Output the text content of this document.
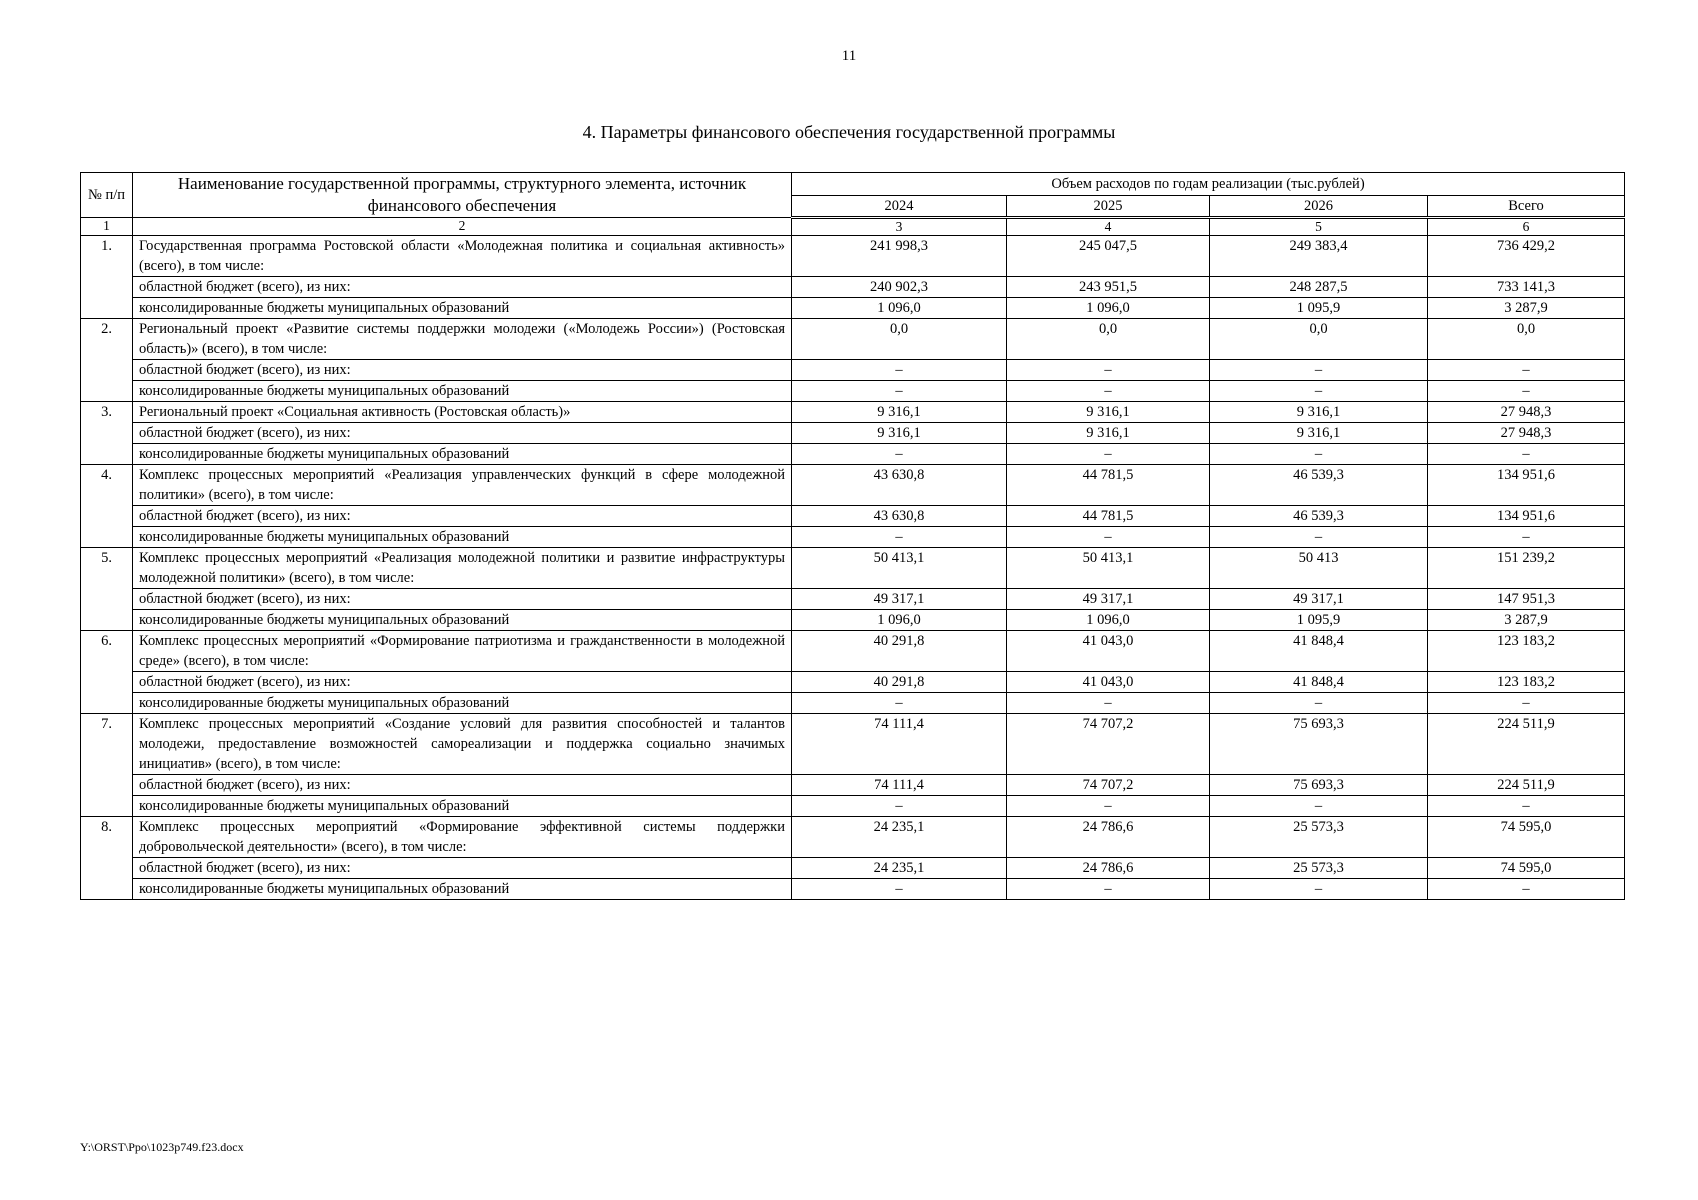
11
4. Параметры финансового обеспечения государственной программы
№ п/п	Наименование государственной программы, структурного элемента, источник финансового обеспечения	Объем расходов по годам реализации (тыс.рублей)			
		2024	2025	2026	Всего
1	2	3	4	5	6
1.	Государственная программа Ростовской области «Молодежная политика и социальная активность» (всего), в том числе:	241 998,3	245 047,5	249 383,4	736 429,2
	областной бюджет (всего), из них:	240 902,3	243 951,5	248 287,5	733 141,3
	консолидированные бюджеты муниципальных образований	1 096,0	1 096,0	1 095,9	3 287,9
2.	Региональный проект «Развитие системы поддержки молодежи («Молодежь России») (Ростовская область)» (всего), в том числе:	0,0	0,0	0,0	0,0
	областной бюджет (всего), из них:	–	–	–	–
	консолидированные бюджеты муниципальных образований	–	–	–	–
3.	Региональный проект «Социальная активность (Ростовская область)»	9 316,1	9 316,1	9 316,1	27 948,3
	областной бюджет (всего), из них:	9 316,1	9 316,1	9 316,1	27 948,3
	консолидированные бюджеты муниципальных образований	–	–	–	–
4.	Комплекс процессных мероприятий «Реализация управленческих функций в сфере молодежной политики» (всего), в том числе:	43 630,8	44 781,5	46 539,3	134 951,6
	областной бюджет (всего), из них:	43 630,8	44 781,5	46 539,3	134 951,6
	консолидированные бюджеты муниципальных образований	–	–	–	–
5.	Комплекс процессных мероприятий «Реализация молодежной политики и развитие инфраструктуры молодежной политики» (всего), в том числе:	50 413,1	50 413,1	50 413	151 239,2
	областной бюджет (всего), из них:	49 317,1	49 317,1	49 317,1	147 951,3
	консолидированные бюджеты муниципальных образований	1 096,0	1 096,0	1 095,9	3 287,9
6.	Комплекс процессных мероприятий «Формирование патриотизма и гражданственности в молодежной среде» (всего), в том числе:	40 291,8	41 043,0	41 848,4	123 183,2
	областной бюджет (всего), из них:	40 291,8	41 043,0	41 848,4	123 183,2
	консолидированные бюджеты муниципальных образований	–	–	–	–
7.	Комплекс процессных мероприятий «Создание условий для развития способностей и талантов молодежи, предоставление возможностей самореализации и поддержка социально значимых инициатив» (всего), в том числе:	74 111,4	74 707,2	75 693,3	224 511,9
	областной бюджет (всего), из них:	74 111,4	74 707,2	75 693,3	224 511,9
	консолидированные бюджеты муниципальных образований	–	–	–	–
8.	Комплекс процессных мероприятий «Формирование эффективной системы поддержки добровольческой деятельности» (всего), в том числе:	24 235,1	24 786,6	25 573,3	74 595,0
	областной бюджет (всего), из них:	24 235,1	24 786,6	25 573,3	74 595,0
	консолидированные бюджеты муниципальных образований	–	–	–	–
Y:\ORST\Ppo\1023p749.f23.docx
